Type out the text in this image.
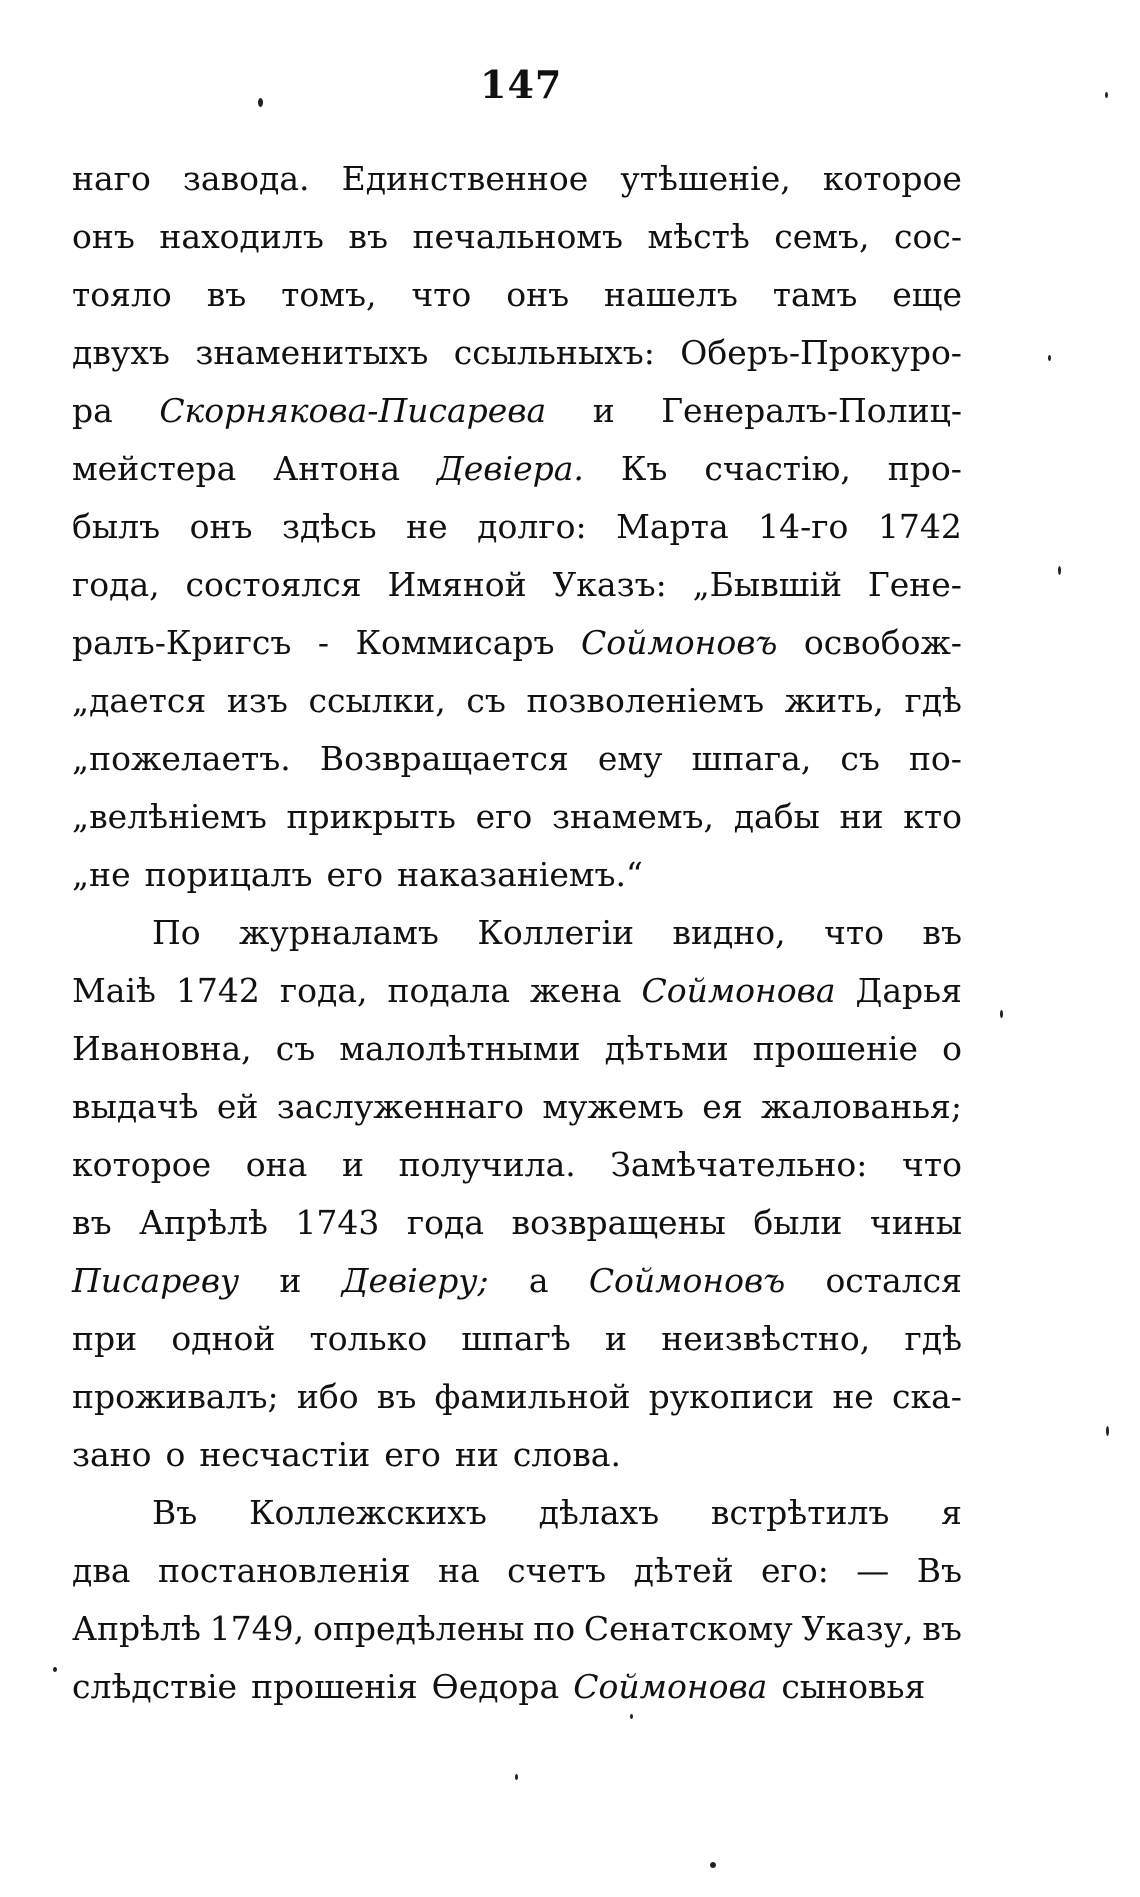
147
наго завода. Единственное утѣшеніе, которое
онъ находилъ въ печальномъ мѣстѣ семъ, сос-
тояло въ томъ, что онъ нашелъ тамъ еще
двухъ знаменитыхъ ссыльныхъ: Оберъ-Прокуро-
ра Скорнякова-Писарева и Генералъ-Полиц-
мейстера Антона Девіера. Къ счастію, про-
былъ онъ здѣсь не долго: Марта 14-го 1742
года, состоялся Имяной Указъ: „Бывшій Гене-
ралъ-Кригсъ - Коммисаръ Соймоновъ освобож-
„дается изъ ссылки, съ позволеніемъ жить, гдѣ
„пожелаетъ. Возвращается ему шпага, съ по-
„велѣніемъ прикрыть его знамемъ, дабы ни кто
„не порицалъ его наказаніемъ.“
По журналамъ Коллегіи видно, что въ
Маіѣ 1742 года, подала жена Соймонова Дарья
Ивановна, съ малолѣтными дѣтьми прошеніе о
выдачѣ ей заслуженнаго мужемъ ея жалованья;
которое она и получила. Замѣчательно: что
въ Апрѣлѣ 1743 года возвращены были чины
Писареву и Девіеру; а Соймоновъ остался
при одной только шпагѣ и неизвѣстно, гдѣ
проживалъ; ибо въ фамильной рукописи не ска-
зано о несчастіи его ни слова.
Въ Коллежскихъ дѣлахъ встрѣтилъ я
два постановленія на счетъ дѣтей его: — Въ
Апрѣлѣ 1749, опредѣлены по Сенатскому Указу, въ
слѣдствіе прошенія Өедора Соймонова сыновья
